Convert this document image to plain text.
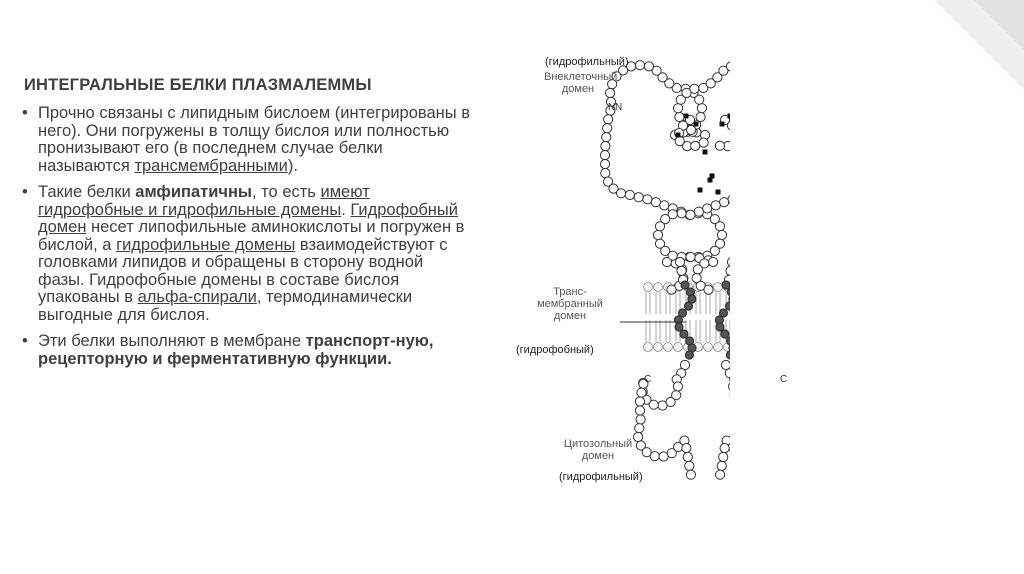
ИНТЕГРАЛЬНЫЕ БЕЛКИ ПЛАЗМАЛЕММЫ
• Прочно связаны с липидным бислоем (интегрированы в него). Они погружены в толщу бислоя или полностью пронизывают его (в последнем случае белки называются трансмембранными).
• Такие белки амфипатичны, то есть имеют гидрофобные и гидрофильные домены. Гидрофобный домен несет липофильные аминокислоты и погружен в бислой, а гидрофильные домены взаимодействуют с головками липидов и обращены в сторону водной фазы. Гидрофобные домены в составе бислоя упакованы в альфа-спирали, термодинамически выгодные для бислоя.
• Эти белки выполняют в мембране транспорт-ную, рецепторную и ферментативную функции.
(гидрофильный)
Внеклеточный
домен
N N
Транс-
мембранный
домен
(гидрофобный)
C	C
Цитозольный
домен
(гидрофильный)
